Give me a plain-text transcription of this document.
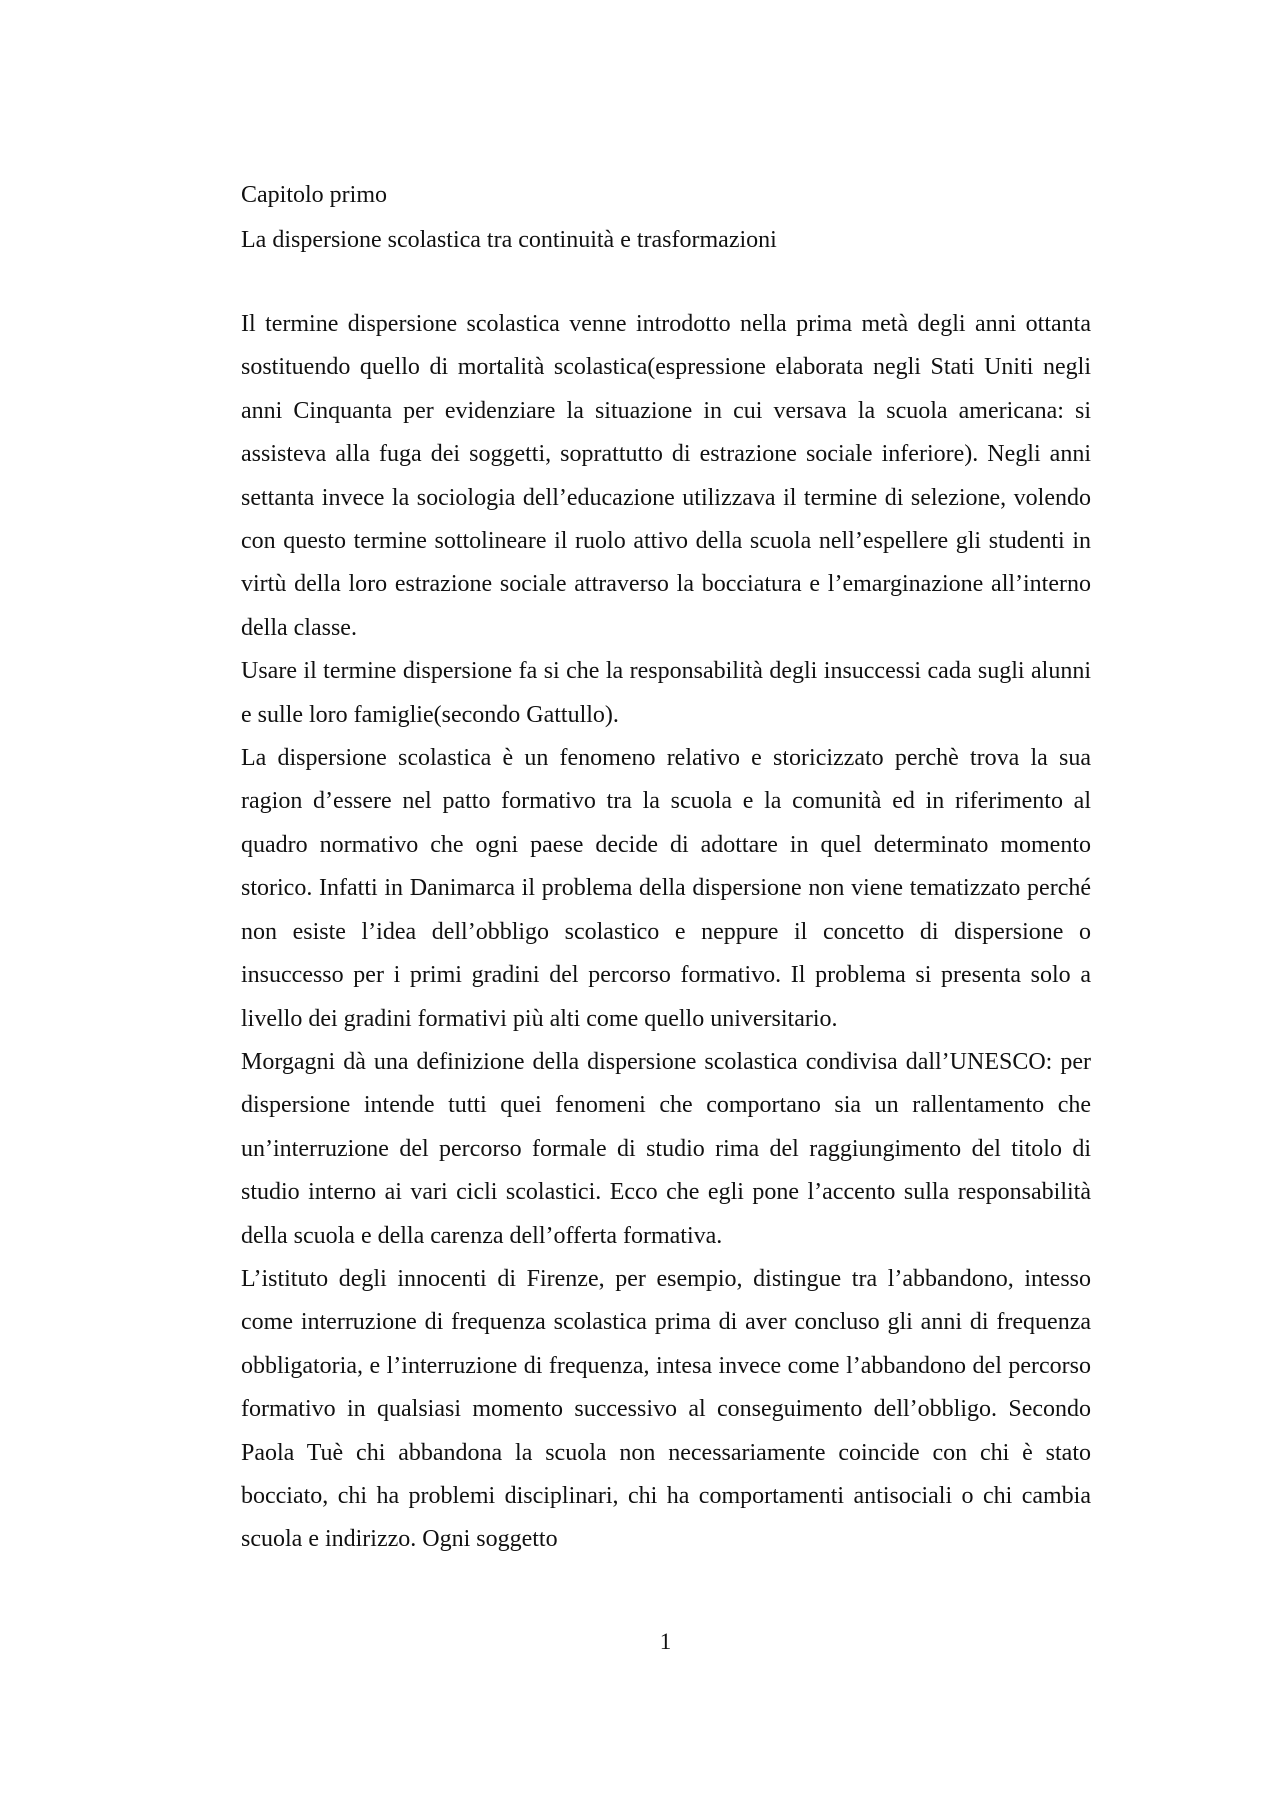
Capitolo primo
La dispersione scolastica tra continuità e trasformazioni

Il termine dispersione scolastica venne introdotto nella prima metà degli anni ottanta sostituendo quello di mortalità scolastica(espressione elaborata negli Stati Uniti negli anni Cinquanta per evidenziare la situazione in cui versava la scuola americana: si assisteva alla fuga dei soggetti, soprattutto di estrazione sociale inferiore). Negli anni settanta invece la sociologia dell’educazione utilizzava il termine di selezione, volendo con questo termine sottolineare il ruolo attivo della scuola nell’espellere gli studenti in virtù della loro estrazione sociale attraverso la bocciatura e l’emarginazione all’interno della classe.

Usare il termine dispersione fa si che la responsabilità degli insuccessi cada sugli alunni e sulle loro famiglie(secondo Gattullo).

La dispersione scolastica è un fenomeno relativo e storicizzato perchè trova la sua ragion d’essere nel patto formativo tra la scuola e la comunità ed in riferimento al quadro normativo che ogni paese decide di adottare in quel determinato momento storico. Infatti in Danimarca il problema della dispersione non viene tematizzato perché non esiste l’idea dell’obbligo scolastico e neppure il concetto di dispersione o insuccesso per i primi gradini del percorso formativo. Il problema si presenta solo a livello dei gradini formativi più alti come quello universitario.

Morgagni dà una definizione della dispersione scolastica condivisa dall’UNESCO: per dispersione intende tutti quei fenomeni che comportano sia un rallentamento che un’interruzione del percorso formale di studio rima del raggiungimento del titolo di studio interno ai vari cicli scolastici. Ecco che egli pone l’accento sulla responsabilità della scuola e della carenza dell’offerta formativa.

L’istituto degli innocenti di Firenze, per esempio, distingue tra l’abbandono, intesso come interruzione di frequenza scolastica prima di aver concluso gli anni di frequenza obbligatoria, e l’interruzione di frequenza, intesa invece come l’abbandono del percorso formativo in qualsiasi momento successivo al conseguimento dell’obbligo. Secondo Paola Tuè chi abbandona la scuola non necessariamente coincide con chi è stato bocciato, chi ha problemi disciplinari, chi ha comportamenti antisociali o chi cambia scuola e indirizzo. Ogni soggetto

1
